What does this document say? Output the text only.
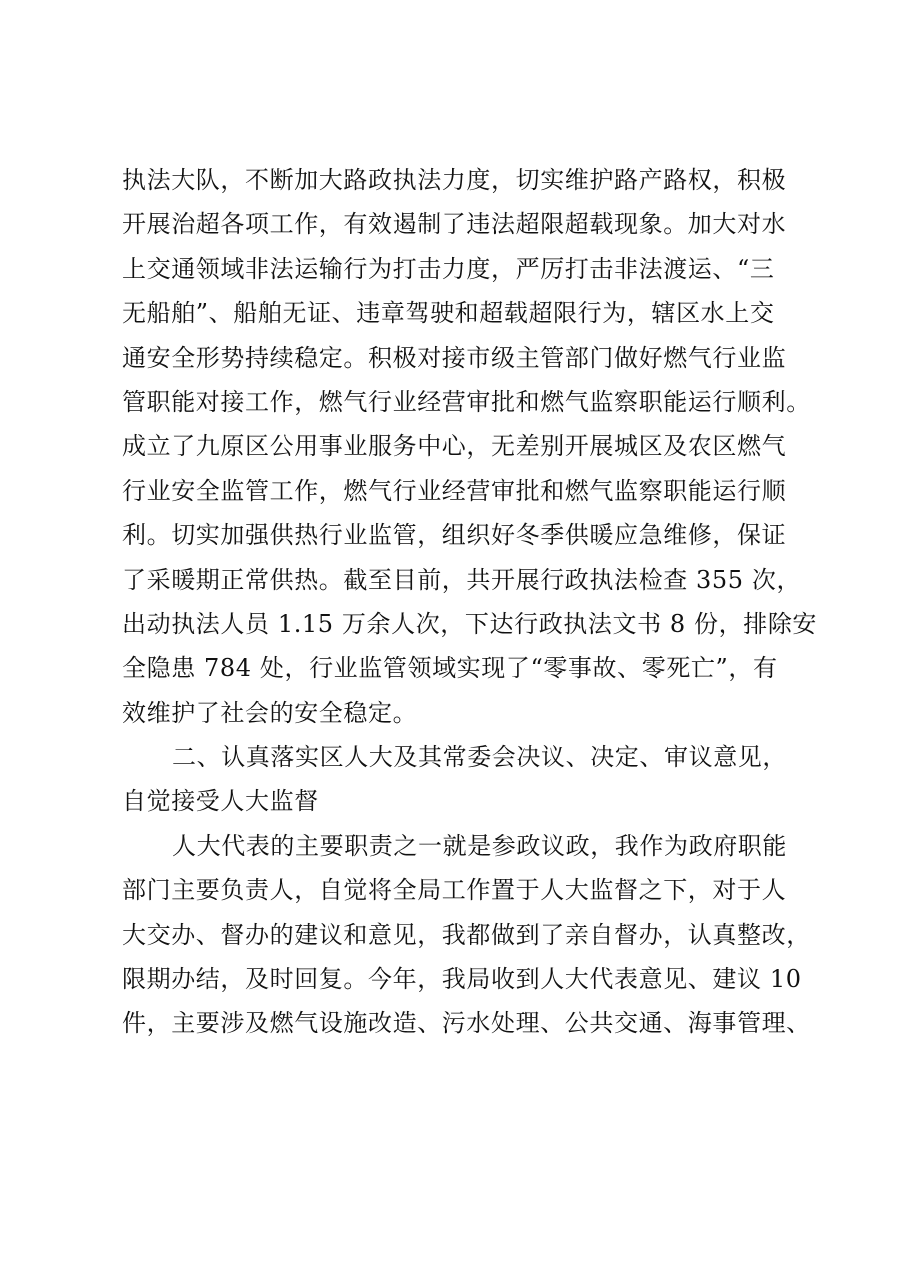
执法大队，不断加大路政执法力度，切实维护路产路权，积极
开展治超各项工作，有效遏制了违法超限超载现象。加大对水
上交通领域非法运输行为打击力度，严厉打击非法渡运、“三
无船舶”、船舶无证、违章驾驶和超载超限行为，辖区水上交
通安全形势持续稳定。积极对接市级主管部门做好燃气行业监
管职能对接工作，燃气行业经营审批和燃气监察职能运行顺利。
成立了九原区公用事业服务中心，无差别开展城区及农区燃气
行业安全监管工作，燃气行业经营审批和燃气监察职能运行顺
利。切实加强供热行业监管，组织好冬季供暖应急维修，保证
了采暖期正常供热。截至目前，共开展行政执法检查 355 次，
出动执法人员 1.15 万余人次，下达行政执法文书 8 份，排除安
全隐患 784 处，行业监管领域实现了“零事故、零死亡”，有
效维护了社会的安全稳定。
二、认真落实区人大及其常委会决议、决定、审议意见，
自觉接受人大监督
人大代表的主要职责之一就是参政议政，我作为政府职能
部门主要负责人，自觉将全局工作置于人大监督之下，对于人
大交办、督办的建议和意见，我都做到了亲自督办，认真整改，
限期办结，及时回复。今年，我局收到人大代表意见、建议 10
件，主要涉及燃气设施改造、污水处理、公共交通、海事管理、
